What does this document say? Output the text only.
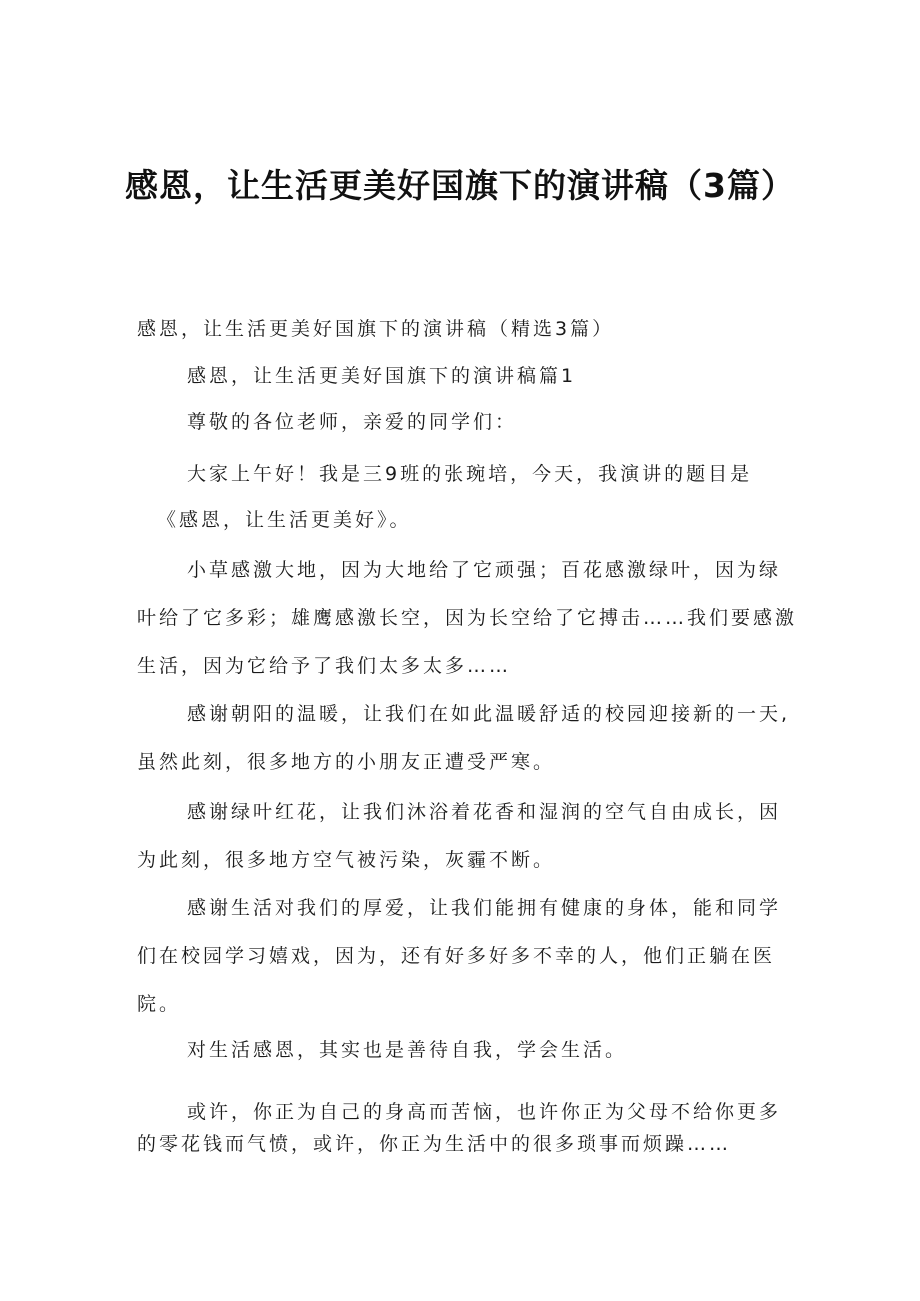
感恩，让生活更美好国旗下的演讲稿（3篇）

感恩，让生活更美好国旗下的演讲稿（精选3篇）

感恩，让生活更美好国旗下的演讲稿篇1

尊敬的各位老师，亲爱的同学们：

大家上午好！我是三9班的张琬培，今天，我演讲的题目是

《感恩，让生活更美好》。

小草感激大地，因为大地给了它顽强；百花感激绿叶，因为绿叶给了它多彩；雄鹰感激长空，因为长空给了它搏击……我们要感激生活，因为它给予了我们太多太多……

感谢朝阳的温暖，让我们在如此温暖舒适的校园迎接新的一天,虽然此刻，很多地方的小朋友正遭受严寒。

感谢绿叶红花，让我们沐浴着花香和湿润的空气自由成长，因为此刻，很多地方空气被污染，灰霾不断。

感谢生活对我们的厚爱，让我们能拥有健康的身体，能和同学们在校园学习嬉戏，因为，还有好多好多不幸的人，他们正躺在医院。

对生活感恩，其实也是善待自我，学会生活。

或许，你正为自己的身高而苦恼，也许你正为父母不给你更多的零花钱而气愤，或许，你正为生活中的很多琐事而烦躁……
